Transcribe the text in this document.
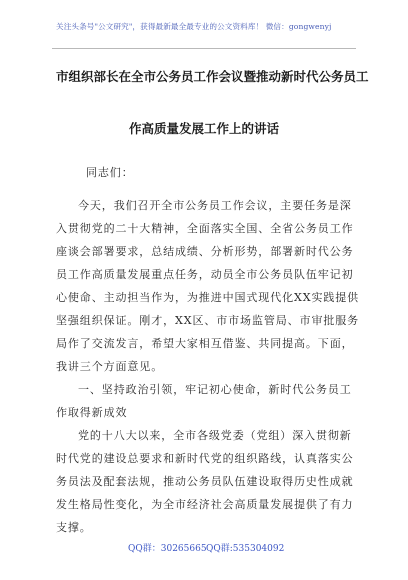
关注头条号"公文研究"，获得最新最全最专业的公文资料库！ 微信：gongwenyj
市组织部长在全市公务员工作会议暨推动新时代公务员工
作高质量发展工作上的讲话
同志们：
今天，我们召开全市公务员工作会议，主要任务是深
入贯彻党的二十大精神，全面落实全国、全省公务员工作
座谈会部署要求，总结成绩、分析形势，部署新时代公务
员工作高质量发展重点任务，动员全市公务员队伍牢记初
心使命、主动担当作为，为推进中国式现代化XX实践提供
坚强组织保证。刚才，XX区、市市场监管局、市审批服务
局作了交流发言，希望大家相互借鉴、共同提高。下面，
我讲三个方面意见。
一、坚持政治引领，牢记初心使命，新时代公务员工
作取得新成效
党的十八大以来，全市各级党委（党组）深入贯彻新
时代党的建设总要求和新时代党的组织路线，认真落实公
务员法及配套法规，推动公务员队伍建设取得历史性成就
发生格局性变化，为全市经济社会高质量发展提供了有力
支撑。
QQ群：30265665 QQ群:535304092
